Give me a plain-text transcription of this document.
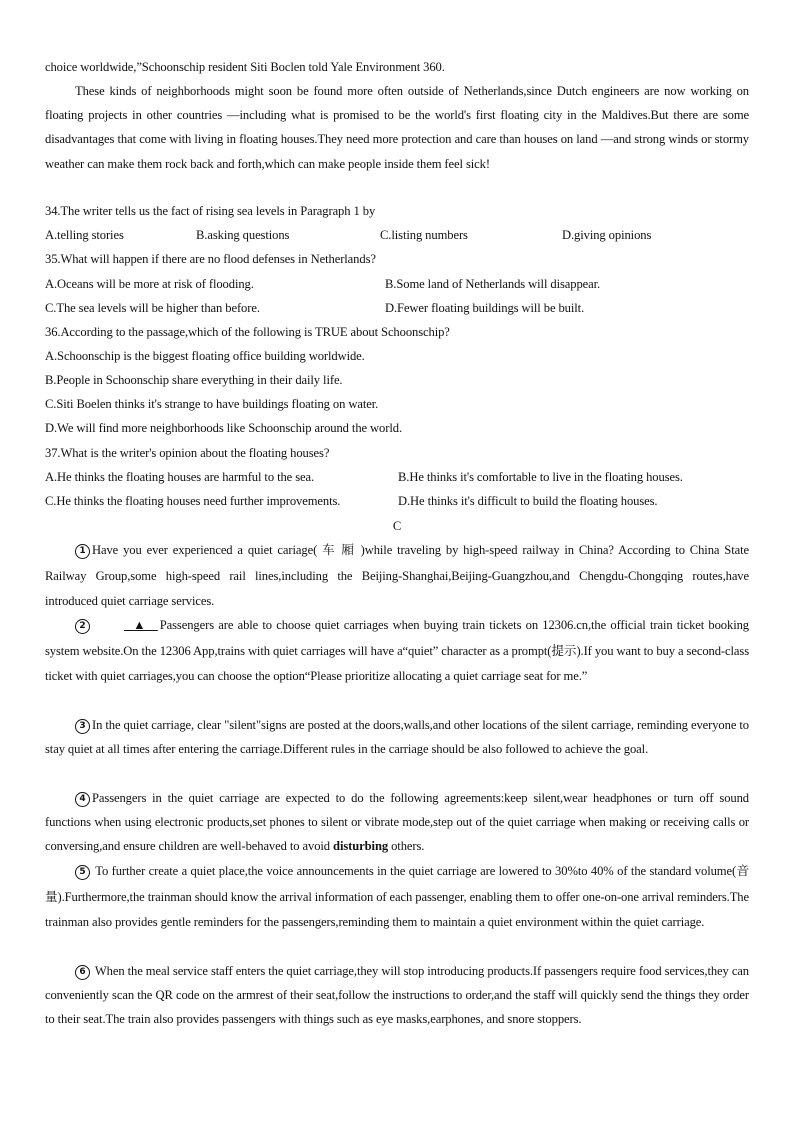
choice worldwide,”Schoonschip resident Siti Boclen told Yale Environment 360.
These kinds of neighborhoods might soon be found more often outside of Netherlands,since Dutch engineers are now working on floating projects in other countries —including what is promised to be the world's first floating city in the Maldives.But there are some disadvantages that come with living in floating houses.They need more protection and care than houses on land —and strong winds or stormy weather can make them rock back and forth,which can make people inside them feel sick!
34.The writer tells us the fact of rising sea levels in Paragraph 1 by
A.telling stories	B.asking questions	C.listing numbers	D.giving opinions
35.What will happen if there are no flood defenses in Netherlands?
A.Oceans will be more at risk of flooding.	B.Some land of Netherlands will disappear.
C.The sea levels will be higher than before.	D.Fewer floating buildings will be built.
36.According to the passage,which of the following is TRUE about Schoonschip?
A.Schoonschip is the biggest floating office building worldwide.
B.People in Schoonschip share everything in their daily life.
C.Siti Boelen thinks it's strange to have buildings floating on water.
D.We will find more neighborhoods like Schoonschip around the world.
37.What is the writer's opinion about the floating houses?
A.He thinks the floating houses are harmful to the sea.	B.He thinks it's comfortable to live in the floating houses.
C.He thinks the floating houses need further improvements.	D.He thinks it's difficult to build the floating houses.
C
1 Have you ever experienced a quiet cariage( 车 厢 )while traveling by high-speed railway in China? According to China State Railway Group,some high-speed rail lines,including the Beijing-Shanghai,Beijing-Guangzhou,and Chengdu-Chongqing routes,have introduced quiet carriage services.
2	▲ Passengers are able to choose quiet carriages when buying train tickets on 12306.cn,the official train ticket booking system website.On the 12306 App,trains with quiet carriages will have a“quiet” character as a prompt(提示).If you want to buy a second-class ticket with quiet carriages,you can choose the option“Please prioritize allocating a quiet carriage seat for me.”
3 In the quiet carriage, clear "silent"signs are posted at the doors,walls,and other locations of the silent carriage, reminding everyone to stay quiet at all times after entering the carriage.Different rules in the carriage should be also followed to achieve the goal.
4 Passengers in the quiet carriage are expected to do the following agreements:keep silent,wear headphones or turn off sound functions when using electronic products,set phones to silent or vibrate mode,step out of the quiet carriage when making or receiving calls or conversing,and ensure children are well-behaved to avoid disturbing others.
5 To further create a quiet place,the voice announcements in the quiet carriage are lowered to 30%to 40% of the standard volume(音量).Furthermore,the trainman should know the arrival information of each passenger, enabling them to offer one-on-one arrival reminders.The trainman also provides gentle reminders for the passengers,reminding them to maintain a quiet environment within the quiet carriage.
6 When the meal service staff enters the quiet carriage,they will stop introducing products.If passengers require food services,they can conveniently scan the QR code on the armrest of their seat,follow the instructions to order,and the staff will quickly send the things they order to their seat.The train also provides passengers with things such as eye masks,earphones, and snore stoppers.
